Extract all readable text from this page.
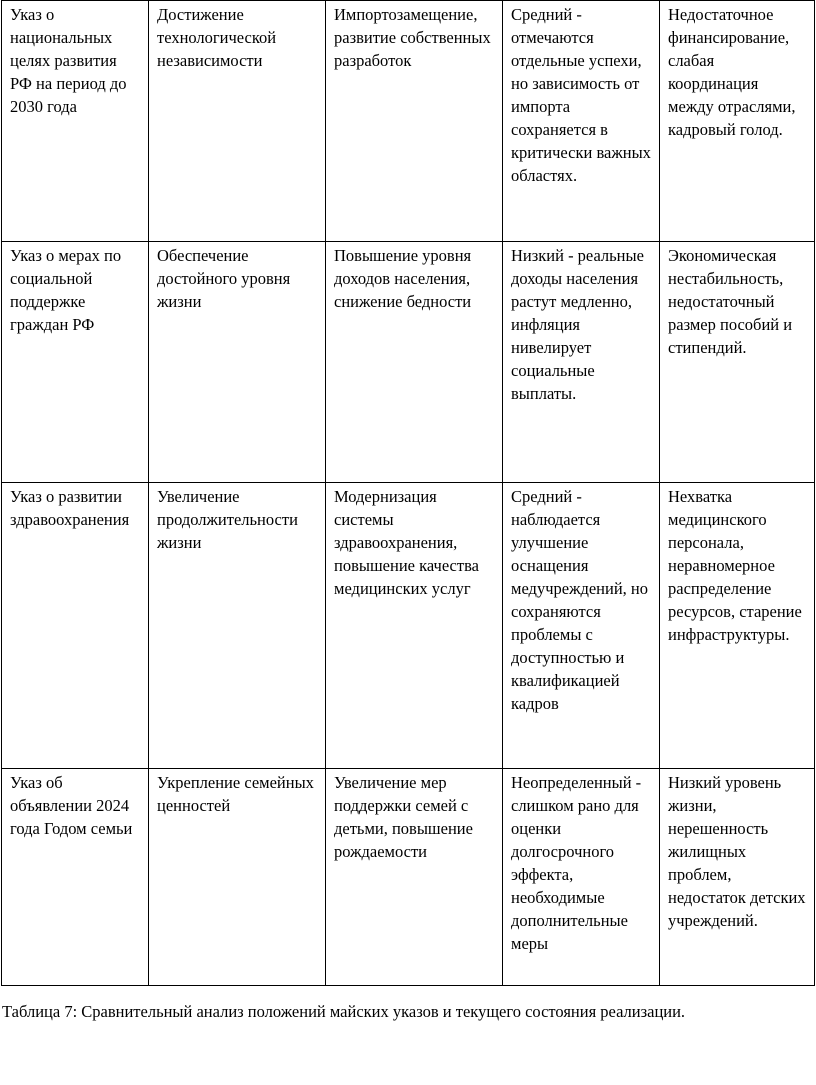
Указ о национальных целях развития РФ на период до 2030 года	Достижение технологической независимости	Импортозамещение, развитие собственных разработок	Средний - отмечаются отдельные успехи, но зависимость от импорта сохраняется в критически важных областях.	Недостаточное финансирование, слабая координация между отраслями, кадровый голод.
Указ о мерах по социальной поддержке граждан РФ	Обеспечение достойного уровня жизни	Повышение уровня доходов населения, снижение бедности	Низкий - реальные доходы населения растут медленно, инфляция нивелирует социальные выплаты.	Экономическая нестабильность, недостаточный размер пособий и стипендий.
Указ о развитии здравоохранения	Увеличение продолжительности жизни	Модернизация системы здравоохранения, повышение качества медицинских услуг	Средний - наблюдается улучшение оснащения медучреждений, но сохраняются проблемы с доступностью и квалификацией кадров	Нехватка медицинского персонала, неравномерное распределение ресурсов, старение инфраструктуры.
Указ об объявлении 2024 года Годом семьи	Укрепление семейных ценностей	Увеличение мер поддержки семей с детьми, повышение рождаемости	Неопределенный - слишком рано для оценки долгосрочного эффекта, необходимые дополнительные меры	Низкий уровень жизни, нерешенность жилищных проблем, недостаток детских учреждений.
Таблица 7: Сравнительный анализ положений майских указов и текущего состояния реализации.
